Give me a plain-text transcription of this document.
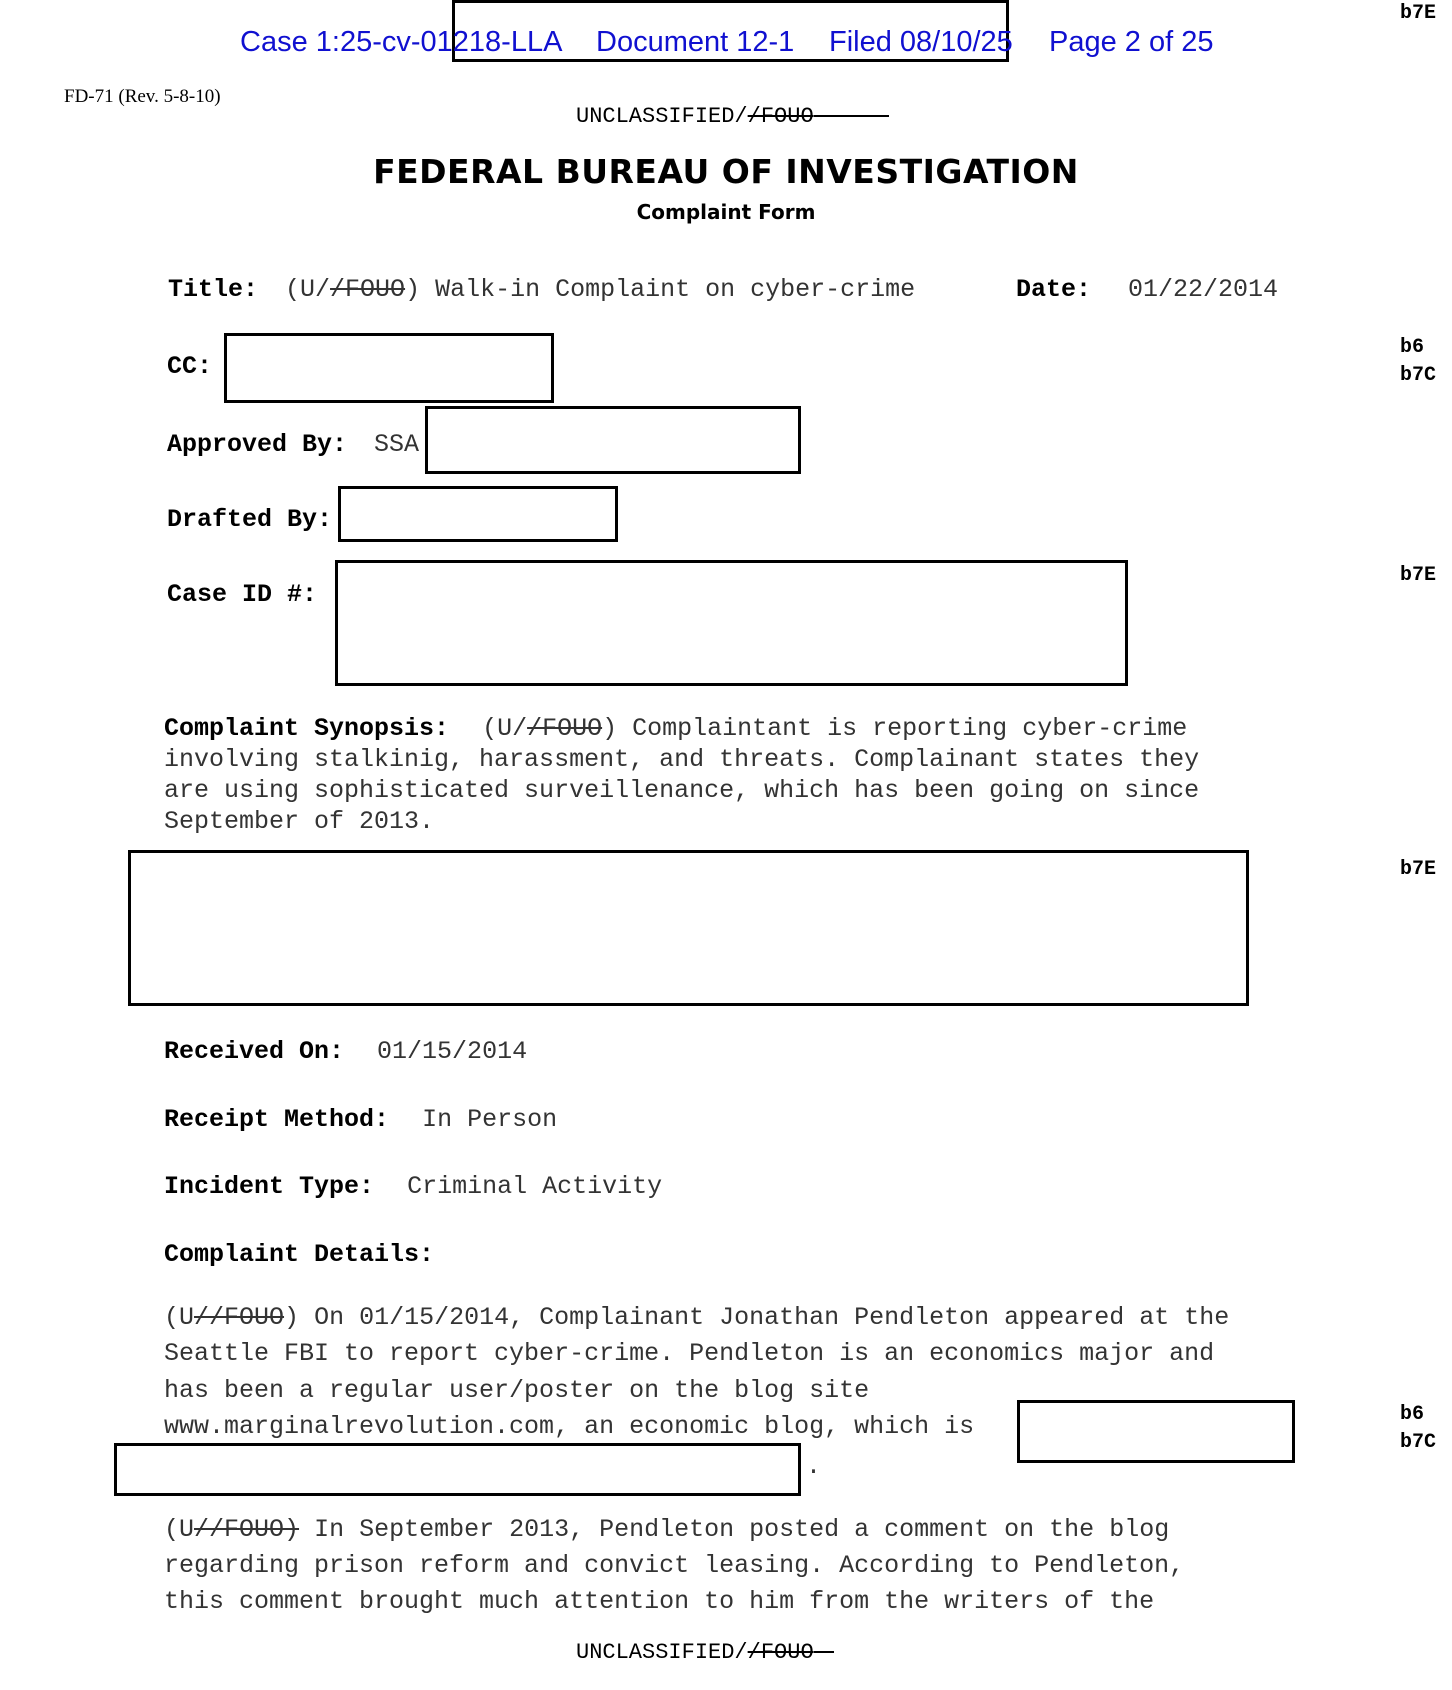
Case 1:25-cv-01218-LLA Document 12-1 Filed 08/10/25 Page 2 of 25
FD-71 (Rev. 5-8-10)
UNCLASSIFIED//FOUO
FEDERAL BUREAU OF INVESTIGATION
Complaint Form
Title: (U//FOUO) Walk-in Complaint on cyber-crime	Date: 01/22/2014
CC:
Approved By: SSA
Drafted By:
Case ID #:
Complaint Synopsis: (U//FOUO) Complaintant is reporting cyber-crime
involving stalkinig, harassment, and threats. Complainant states they
are using sophisticated surveillenance, which has been going on since
September of 2013.
Received On: 01/15/2014
Receipt Method: In Person
Incident Type: Criminal Activity
Complaint Details:
(U//FOUO) On 01/15/2014, Complainant Jonathan Pendleton appeared at the
Seattle FBI to report cyber-crime. Pendleton is an economics major and
has been a regular user/poster on the blog site
www.marginalrevolution.com, an economic blog, which is
.
(U//FOUO) In September 2013, Pendleton posted a comment on the blog
regarding prison reform and convict leasing. According to Pendleton,
this comment brought much attention to him from the writers of the
UNCLASSIFIED//FOUO
b7E
b6
b7C
b7E
b7E
b6
b7C
